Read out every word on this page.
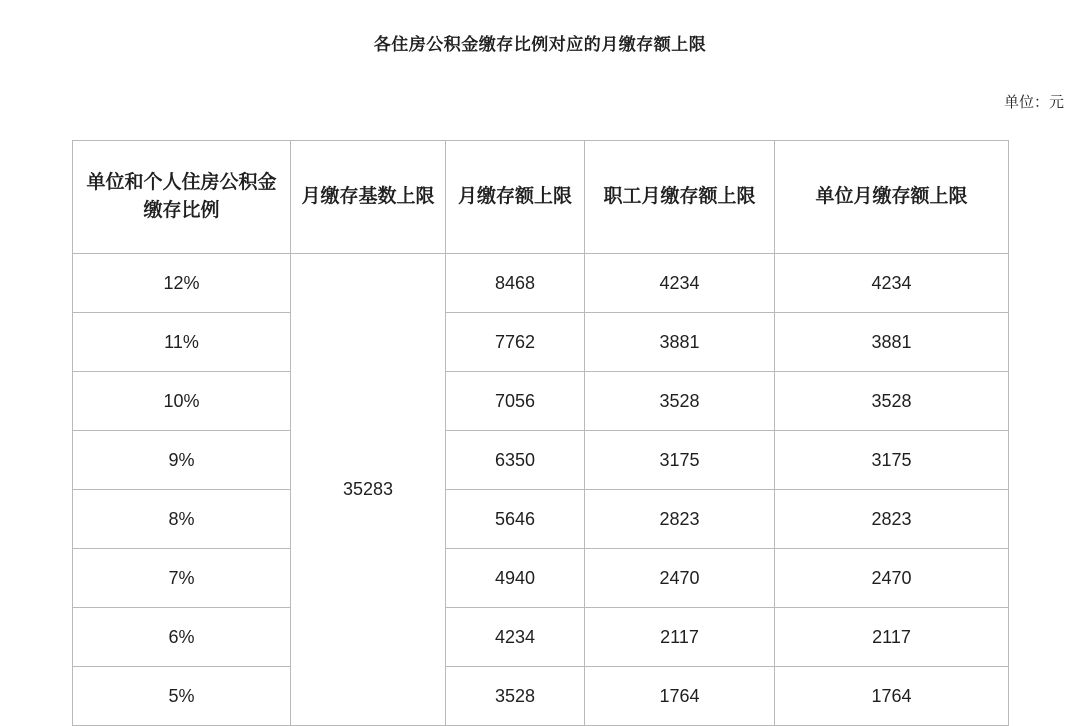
各住房公积金缴存比例对应的月缴存额上限
单位：元
单位和个人住房公积金缴存比例	月缴存基数上限	月缴存额上限	职工月缴存额上限	单位月缴存额上限
12%	35283	8468	4234	4234
11%		7762	3881	3881
10%		7056	3528	3528
9%		6350	3175	3175
8%		5646	2823	2823
7%		4940	2470	2470
6%		4234	2117	2117
5%		3528	1764	1764
